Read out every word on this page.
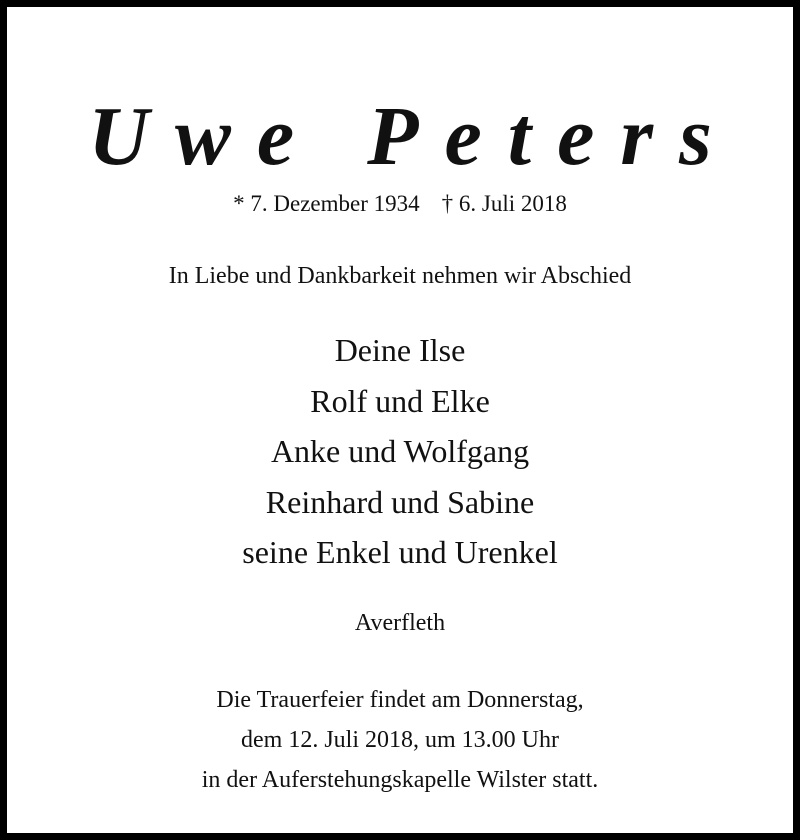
Uwe Peters
* 7. Dezember 1934 † 6. Juli 2018
In Liebe und Dankbarkeit nehmen wir Abschied
Deine Ilse
Rolf und Elke
Anke und Wolfgang
Reinhard und Sabine
seine Enkel und Urenkel
Averfleth
Die Trauerfeier findet am Donnerstag,
dem 12. Juli 2018, um 13.00 Uhr
in der Auferstehungskapelle Wilster statt.
